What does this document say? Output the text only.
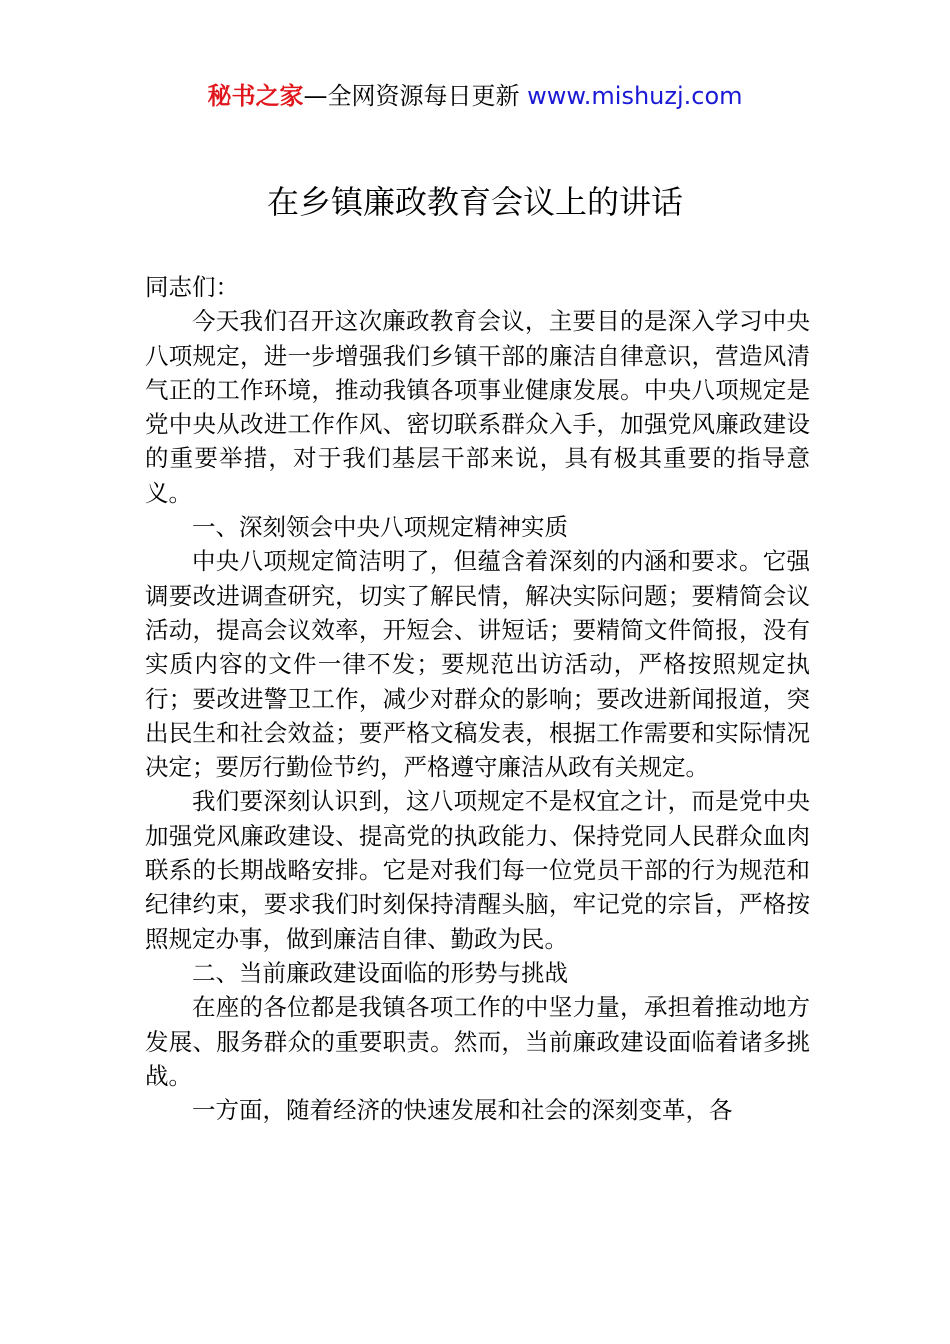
秘书之家—全网资源每日更新 www.mishuzj.com
在乡镇廉政教育会议上的讲话

同志们：

今天我们召开这次廉政教育会议，主要目的是深入学习中央八项规定，进一步增强我们乡镇干部的廉洁自律意识，营造风清气正的工作环境，推动我镇各项事业健康发展。中央八项规定是党中央从改进工作作风、密切联系群众入手，加强党风廉政建设的重要举措，对于我们基层干部来说，具有极其重要的指导意义。

一、深刻领会中央八项规定精神实质

中央八项规定简洁明了，但蕴含着深刻的内涵和要求。它强调要改进调查研究，切实了解民情，解决实际问题；要精简会议活动，提高会议效率，开短会、讲短话；要精简文件简报，没有实质内容的文件一律不发；要规范出访活动，严格按照规定执行；要改进警卫工作，减少对群众的影响；要改进新闻报道，突出民生和社会效益；要严格文稿发表，根据工作需要和实际情况决定；要厉行勤俭节约，严格遵守廉洁从政有关规定。

我们要深刻认识到，这八项规定不是权宜之计，而是党中央加强党风廉政建设、提高党的执政能力、保持党同人民群众血肉联系的长期战略安排。它是对我们每一位党员干部的行为规范和纪律约束，要求我们时刻保持清醒头脑，牢记党的宗旨，严格按照规定办事，做到廉洁自律、勤政为民。

二、当前廉政建设面临的形势与挑战

在座的各位都是我镇各项工作的中坚力量，承担着推动地方发展、服务群众的重要职责。然而，当前廉政建设面临着诸多挑战。

一方面，随着经济的快速发展和社会的深刻变革，各
